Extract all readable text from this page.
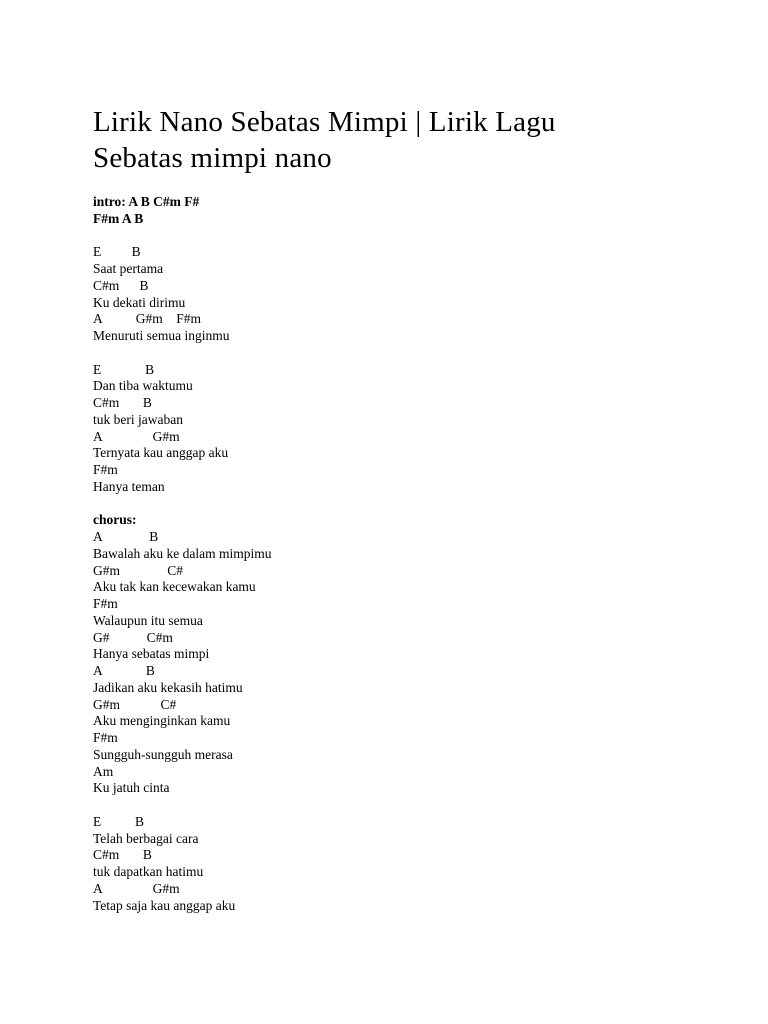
Lirik Nano Sebatas Mimpi | Lirik Lagu
Sebatas mimpi nano
intro: A B C#m F#
F#m A B
E         B
Saat pertama
C#m      B
Ku dekati dirimu
A          G#m    F#m
Menuruti semua inginmu
E             B
Dan tiba waktumu
C#m       B
tuk beri jawaban
A               G#m
Ternyata kau anggap aku
F#m
Hanya teman
chorus:
A              B
Bawalah aku ke dalam mimpimu
G#m              C#
Aku tak kan kecewakan kamu
F#m
Walaupun itu semua
G#           C#m
Hanya sebatas mimpi
A             B
Jadikan aku kekasih hatimu
G#m            C#
Aku menginginkan kamu
F#m
Sungguh-sungguh merasa
Am
Ku jatuh cinta
E          B
Telah berbagai cara
C#m       B
tuk dapatkan hatimu
A               G#m
Tetap saja kau anggap aku
